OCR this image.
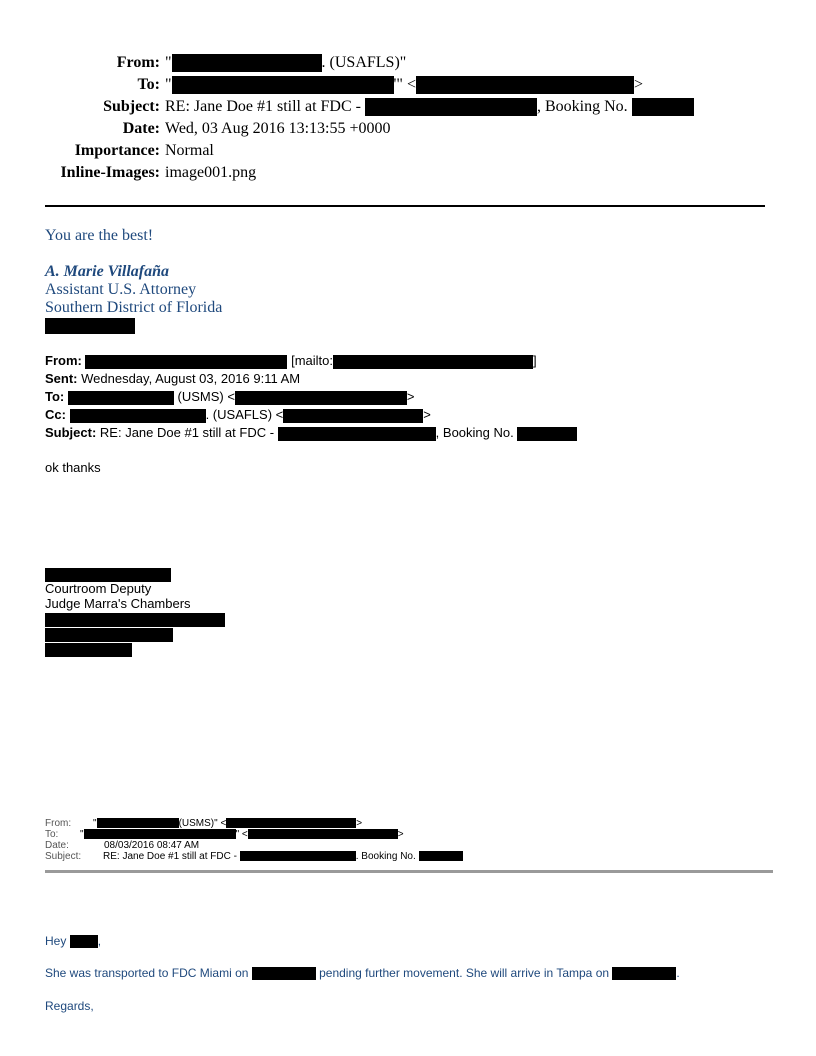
From: "	. (USAFLS)"
To: "	'" <	>
Subject: RE: Jane Doe #1 still at FDC -	, Booking No.
Date: Wed, 03 Aug 2016 13:13:55 +0000
Importance: Normal
Inline-Images: image001.png
You are the best!
A. Marie Villafaña
Assistant U.S. Attorney
Southern District of Florida
From:	[mailto:	]
Sent: Wednesday, August 03, 2016 9:11 AM
To:	(USMS) <	>
Cc:	. (USAFLS) <	>
Subject: RE: Jane Doe #1 still at FDC -	, Booking No.
ok thanks
Courtroom Deputy
Judge Marra's Chambers
From: "	(USMS)" <	>
To: "	" <	>
Date:	08/03/2016 08:47 AM
Subject: RE: Jane Doe #1 still at FDC -	. Booking No.
Hey	,
She was transported to FDC Miami on	pending further movement. She will arrive in Tampa on	.
Regards,
